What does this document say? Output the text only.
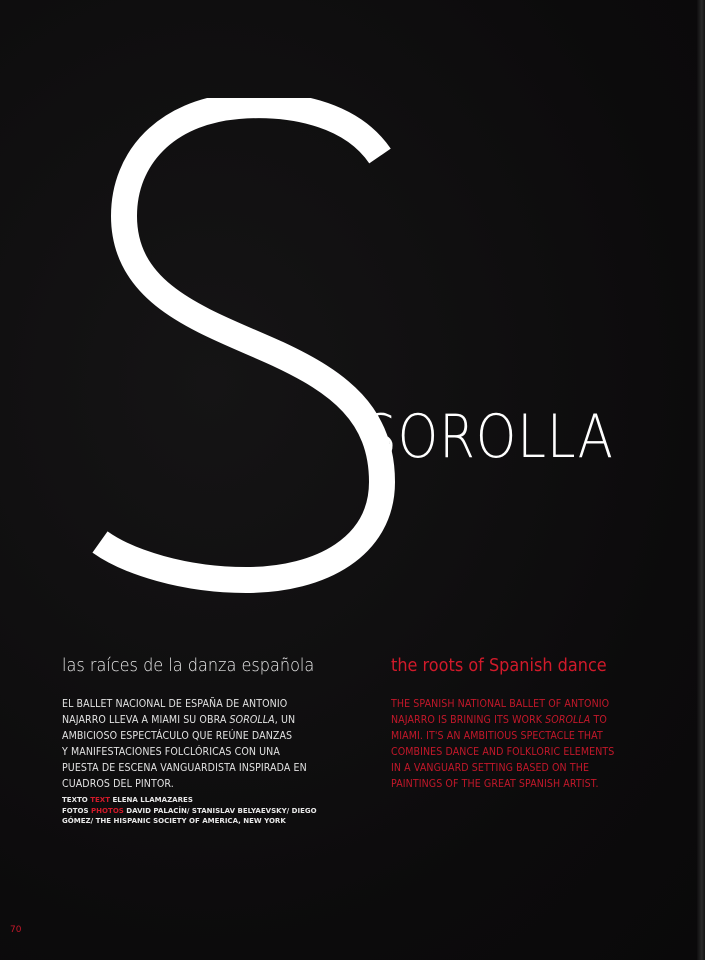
SOROLLA
las raíces de la danza española	the roots of Spanish dance

EL BALLET NACIONAL DE ESPAÑA DE ANTONIO
NAJARRO LLEVA A MIAMI SU OBRA SOROLLA, UN
AMBICIOSO ESPECTÁCULO QUE REÚNE DANZAS
Y MANIFESTACIONES FOLCLÓRICAS CON UNA
PUESTA DE ESCENA VANGUARDISTA INSPIRADA EN
CUADROS DEL PINTOR.

THE SPANISH NATIONAL BALLET OF ANTONIO
NAJARRO IS BRINING ITS WORK SOROLLA TO
MIAMI. IT'S AN AMBITIOUS SPECTACLE THAT
COMBINES DANCE AND FOLKLORIC ELEMENTS
IN A VANGUARD SETTING BASED ON THE
PAINTINGS OF THE GREAT SPANISH ARTIST.

TEXTO TEXT ELENA LLAMAZARES
FOTOS PHOTOS DAVID PALACÍN/ STANISLAV BELYAEVSKY/ DIEGO
GÓMEZ/ THE HISPANIC SOCIETY OF AMERICA, NEW YORK
70
